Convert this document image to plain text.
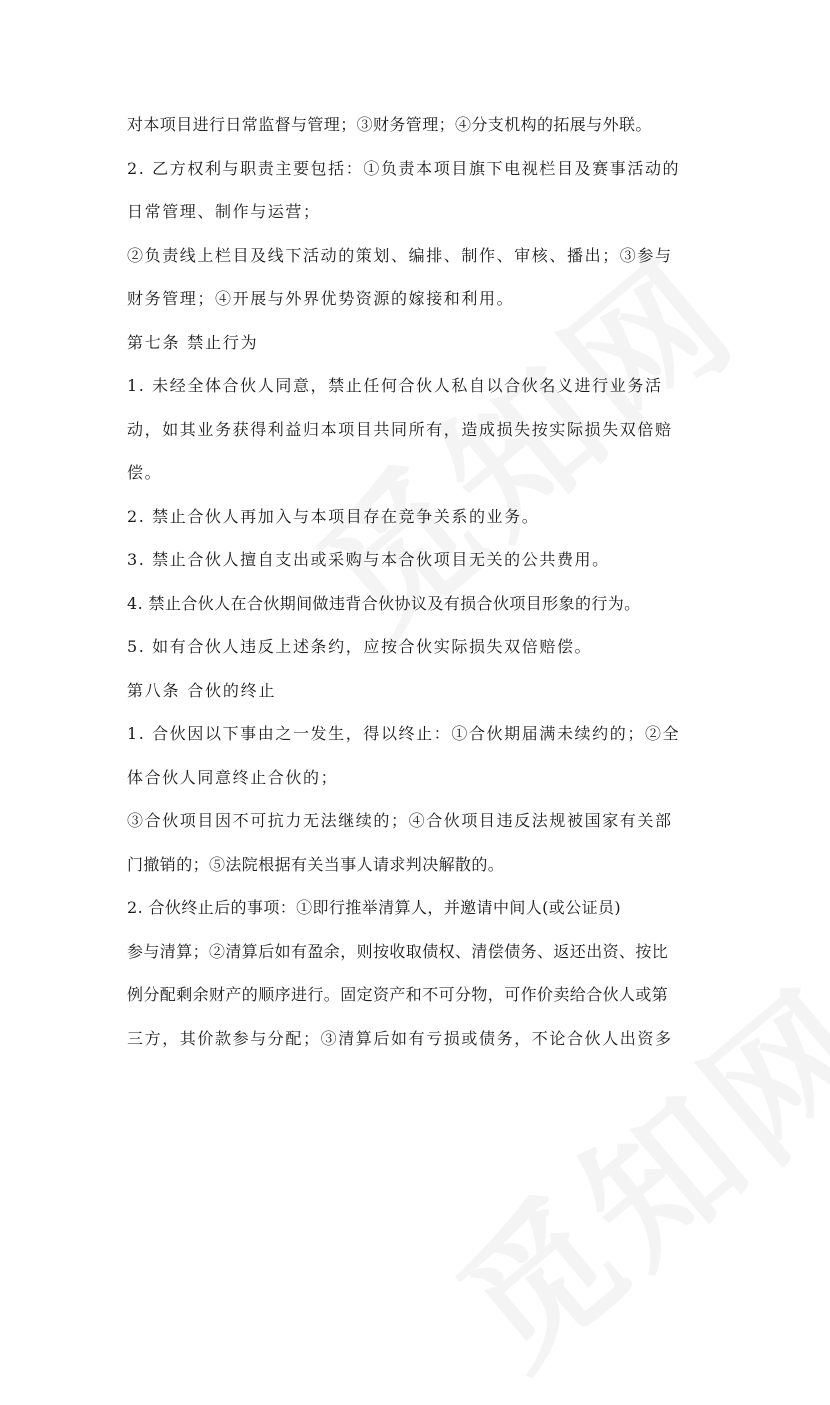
对本项目进行日常监督与管理；③财务管理；④分支机构的拓展与外联。
2. 乙方权利与职责主要包括：①负责本项目旗下电视栏目及赛事活动的
日常管理、制作与运营；
②负责线上栏目及线下活动的策划、编排、制作、审核、播出；③参与
财务管理；④开展与外界优势资源的嫁接和利用。
第七条 禁止行为
1. 未经全体合伙人同意，禁止任何合伙人私自以合伙名义进行业务活
动，如其业务获得利益归本项目共同所有，造成损失按实际损失双倍赔
偿。
2. 禁止合伙人再加入与本项目存在竞争关系的业务。
3. 禁止合伙人擅自支出或采购与本合伙项目无关的公共费用。
4. 禁止合伙人在合伙期间做违背合伙协议及有损合伙项目形象的行为。
5. 如有合伙人违反上述条约，应按合伙实际损失双倍赔偿。
第八条 合伙的终止
1. 合伙因以下事由之一发生，得以终止：①合伙期届满未续约的；②全
体合伙人同意终止合伙的；
③合伙项目因不可抗力无法继续的；④合伙项目违反法规被国家有关部
门撤销的；⑤法院根据有关当事人请求判决解散的。
2. 合伙终止后的事项：①即行推举清算人，并邀请中间人(或公证员)
参与清算；②清算后如有盈余，则按收取债权、清偿债务、返还出资、按比
例分配剩余财产的顺序进行。固定资产和不可分物，可作价卖给合伙人或第
三方，其价款参与分配；③清算后如有亏损或债务，不论合伙人出资多
